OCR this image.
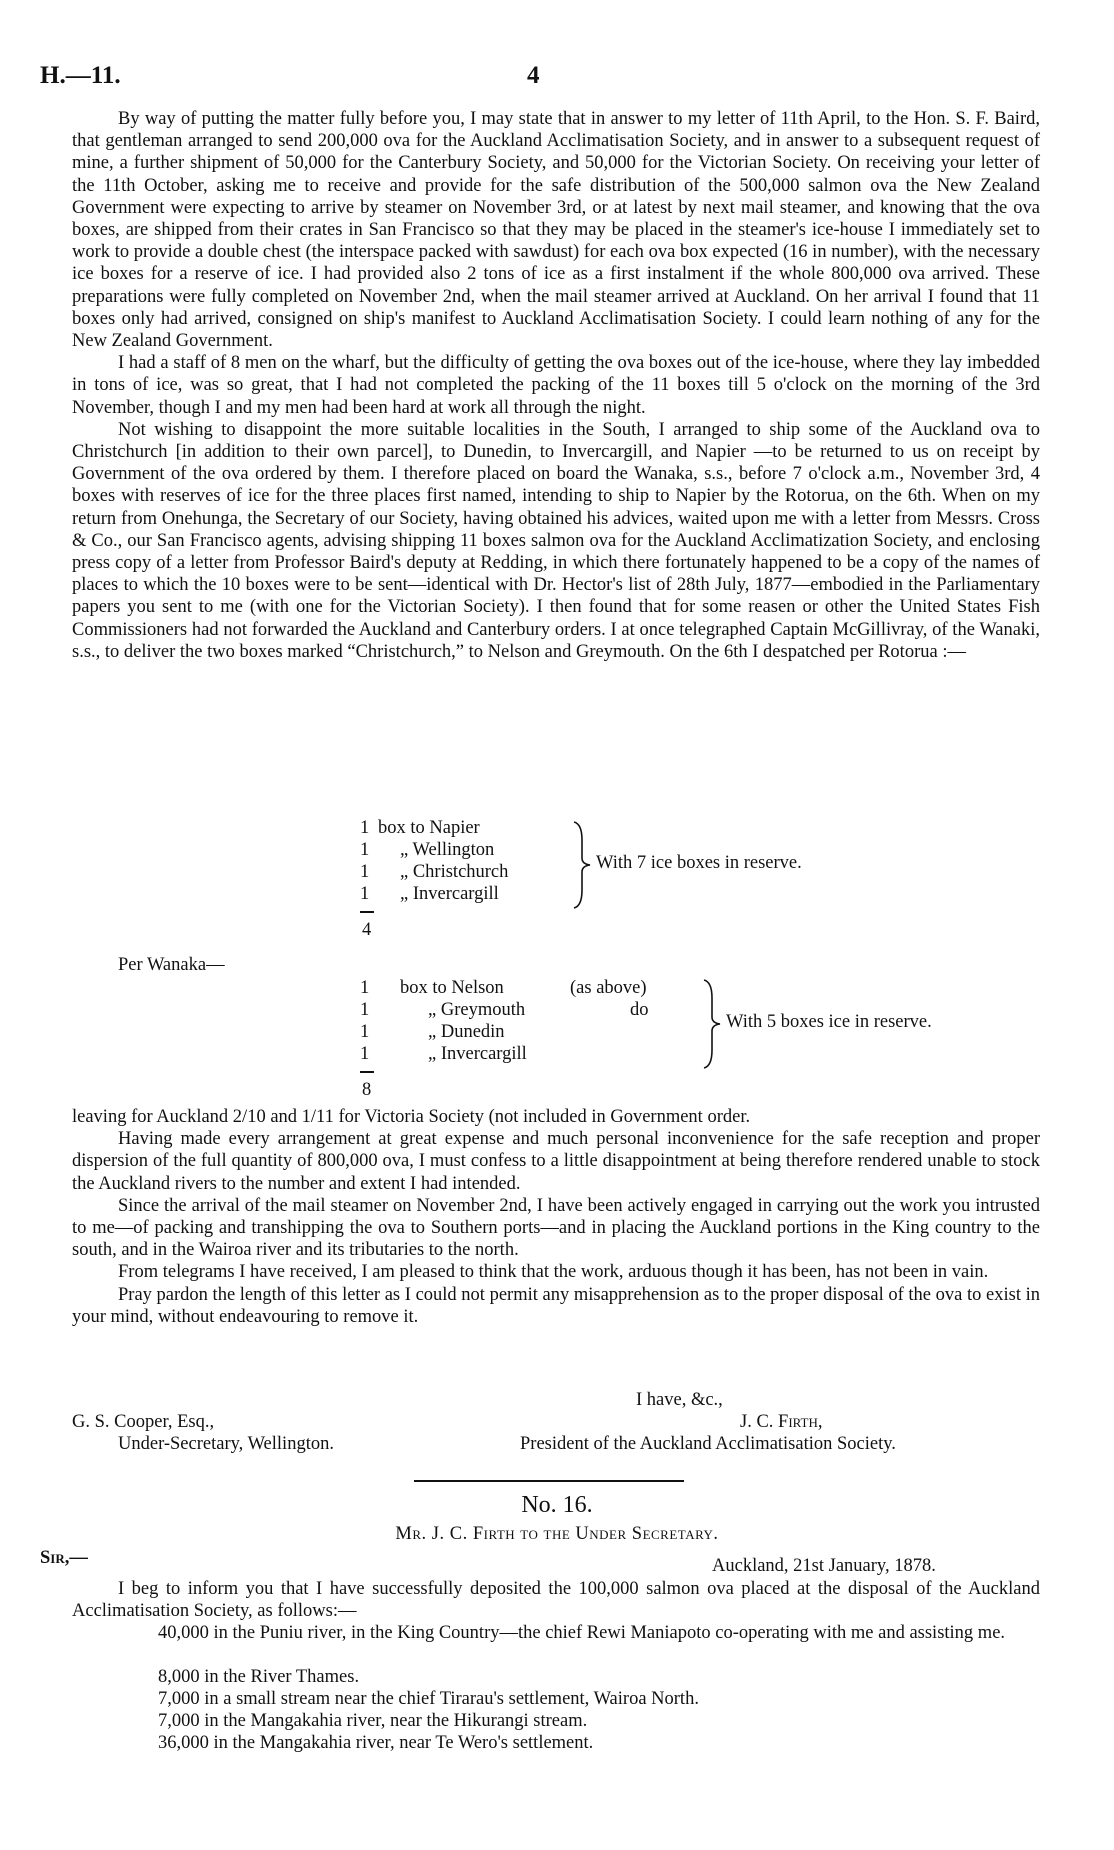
H.—11.	4

By way of putting the matter fully before you, I may state that in answer to my letter of 11th April, to the Hon. S. F. Baird, that gentleman arranged to send 200,000 ova for the Auckland Acclimatisation Society, and in answer to a subsequent request of mine, a further shipment of 50,000 for the Canterbury Society, and 50,000 for the Victorian Society. On receiving your letter of the 11th October, asking me to receive and provide for the safe distribution of the 500,000 salmon ova the New Zealand Government were expecting to arrive by steamer on November 3rd, or at latest by next mail steamer, and knowing that the ova boxes, are shipped from their crates in San Francisco so that they may be placed in the steamer's ice-house I immediately set to work to provide a double chest (the interspace packed with sawdust) for each ova box expected (16 in number), with the necessary ice boxes for a reserve of ice. I had provided also 2 tons of ice as a first instalment if the whole 800,000 ova arrived. These preparations were fully completed on November 2nd, when the mail steamer arrived at Auckland. On her arrival I found that 11 boxes only had arrived, consigned on ship's manifest to Auckland Acclimatisation Society. I could learn nothing of any for the New Zealand Government.

I had a staff of 8 men on the wharf, but the difficulty of getting the ova boxes out of the ice-house, where they lay imbedded in tons of ice, was so great, that I had not completed the packing of the 11 boxes till 5 o'clock on the morning of the 3rd November, though I and my men had been hard at work all through the night.

Not wishing to disappoint the more suitable localities in the South, I arranged to ship some of the Auckland ova to Christchurch [in addition to their own parcel], to Dunedin, to Invercargill, and Napier —to be returned to us on receipt by Government of the ova ordered by them. I therefore placed on board the Wanaka, s.s., before 7 o'clock a.m., November 3rd, 4 boxes with reserves of ice for the three places first named, intending to ship to Napier by the Rotorua, on the 6th. When on my return from Onehunga, the Secretary of our Society, having obtained his advices, waited upon me with a letter from Messrs. Cross & Co., our San Francisco agents, advising shipping 11 boxes salmon ova for the Auckland Acclimatization Society, and enclosing press copy of a letter from Professor Baird's deputy at Redding, in which there fortunately happened to be a copy of the names of places to which the 10 boxes were to be sent—identical with Dr. Hector's list of 28th July, 1877—embodied in the Parliamentary papers you sent to me (with one for the Victorian Society). I then found that for some reasen or other the United States Fish Commissioners had not forwarded the Auckland and Canterbury orders. I at once telegraphed Captain McGillivray, of the Wanaki, s.s., to deliver the two boxes marked “Christchurch,” to Nelson and Greymouth. On the 6th I despatched per Rotorua :—

1 box to Napier
1 „ Wellington
1 „ Christchurch
1 „ Invercargill
With 7 ice boxes in reserve.
4
Per Wanaka—
1 box to Nelson	(as above)
1	„ Greymouth	do
1	„ Dunedin
1	„ Invercargill
With 5 boxes ice in reserve.
8

leaving for Auckland 2/10 and 1/11 for Victoria Society (not included in Government order.

Having made every arrangement at great expense and much personal inconvenience for the safe reception and proper dispersion of the full quantity of 800,000 ova, I must confess to a little disappointment at being therefore rendered unable to stock the Auckland rivers to the number and extent I had intended.

Since the arrival of the mail steamer on November 2nd, I have been actively engaged in carrying out the work you intrusted to me—of packing and transhipping the ova to Southern ports—and in placing the Auckland portions in the King country to the south, and in the Wairoa river and its tributaries to the north.

From telegrams I have received, I am pleased to think that the work, arduous though it has been, has not been in vain.

Pray pardon the length of this letter as I could not permit any misapprehension as to the proper disposal of the ova to exist in your mind, without endeavouring to remove it.

I have, &c.,
G. S. Cooper, Esq.,	J. C. Firth,
Under-Secretary, Wellington.	President of the Auckland Acclimatisation Society.
No. 16.
Mr. J. C. Firth to the Under Secretary.
Sir,—	Auckland, 21st January, 1878.

I beg to inform you that I have successfully deposited the 100,000 salmon ova placed at the disposal of the Auckland Acclimatisation Society, as follows:—

40,000 in the Puniu river, in the King Country—the chief Rewi Maniapoto co-operating with me and assisting me.
8,000 in the River Thames.
7,000 in a small stream near the chief Tirarau's settlement, Wairoa North.
7,000 in the Mangakahia river, near the Hikurangi stream.
36,000 in the Mangakahia river, near Te Wero's settlement.
